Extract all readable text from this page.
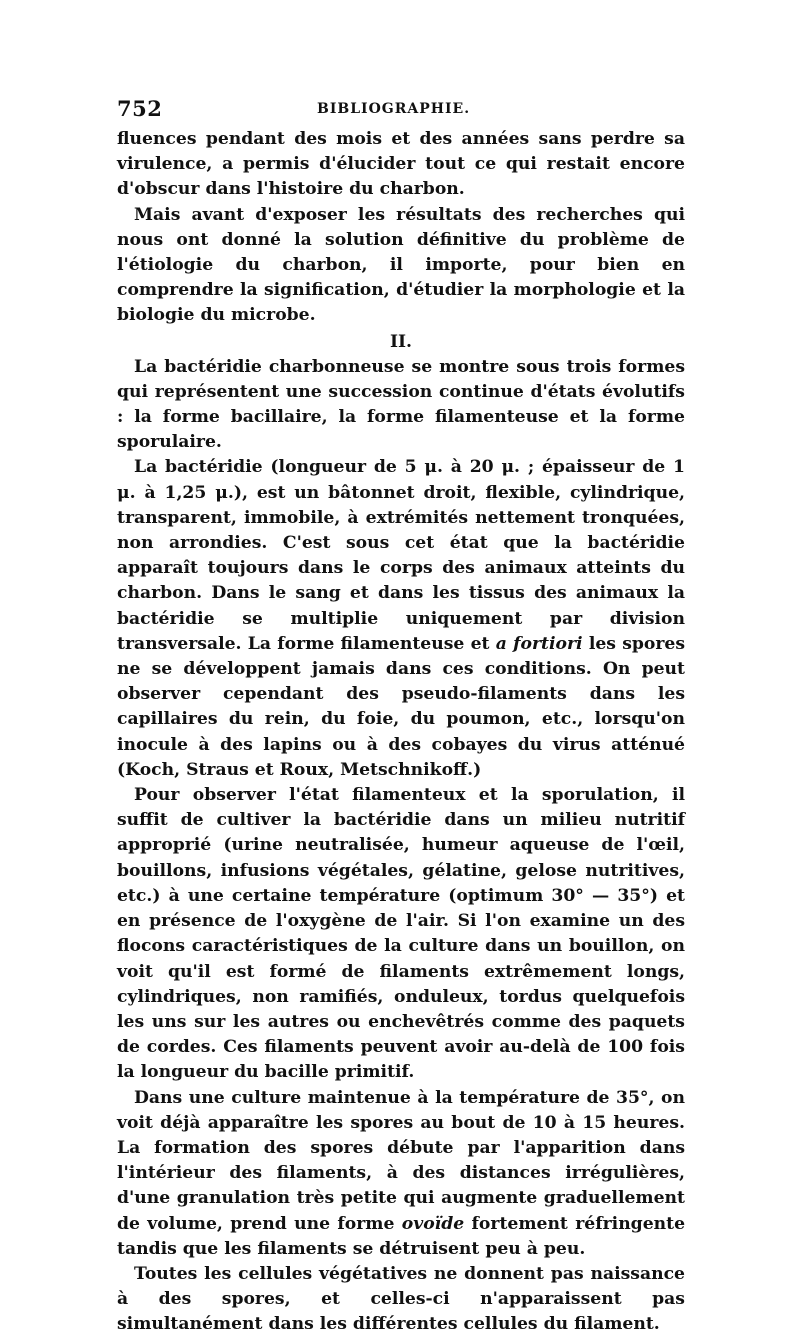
752	BIBLIOGRAPHIE.

fluences pendant des mois et des années sans perdre sa virulence, a permis d'élucider tout ce qui restait encore d'obscur dans l'histoire du charbon.

Mais avant d'exposer les résultats des recherches qui nous ont donné la solution définitive du problème de l'étiologie du charbon, il importe, pour bien en comprendre la signification, d'étudier la morphologie et la biologie du microbe.

II.

La bactéridie charbonneuse se montre sous trois formes qui représentent une succession continue d'états évolutifs : la forme bacillaire, la forme filamenteuse et la forme sporulaire.

La bactéridie (longueur de 5 μ. à 20 μ. ; épaisseur de 1 μ. à 1,25 μ.), est un bâtonnet droit, flexible, cylindrique, transparent, immobile, à extrémités nettement tronquées, non arrondies. C'est sous cet état que la bactéridie apparaît toujours dans le corps des animaux atteints du charbon. Dans le sang et dans les tissus des animaux la bactéridie se multiplie uniquement par division transversale. La forme filamenteuse et a fortiori les spores ne se développent jamais dans ces conditions. On peut observer cependant des pseudo-filaments dans les capillaires du rein, du foie, du poumon, etc., lorsqu'on inocule à des lapins ou à des cobayes du virus atténué (Koch, Straus et Roux, Metschnikoff.)

Pour observer l'état filamenteux et la sporulation, il suffit de cultiver la bactéridie dans un milieu nutritif approprié (urine neutralisée, humeur aqueuse de l'œil, bouillons, infusions végétales, gélatine, gelose nutritives, etc.) à une certaine température (optimum 30° — 35°) et en présence de l'oxygène de l'air. Si l'on examine un des flocons caractéristiques de la culture dans un bouillon, on voit qu'il est formé de filaments extrêmement longs, cylindriques, non ramifiés, onduleux, tordus quelquefois les uns sur les autres ou enchevêtrés comme des paquets de cordes. Ces filaments peuvent avoir au-delà de 100 fois la longueur du bacille primitif.

Dans une culture maintenue à la température de 35°, on voit déjà apparaître les spores au bout de 10 à 15 heures. La formation des spores débute par l'apparition dans l'intérieur des filaments, à des distances irrégulières, d'une granulation très petite qui augmente graduellement de volume, prend une forme ovoïde fortement réfringente tandis que les filaments se détruisent peu à peu.

Toutes les cellules végétatives ne donnent pas naissance à des spores, et celles-ci n'apparaissent pas simultanément dans les différentes cellules du filament.
